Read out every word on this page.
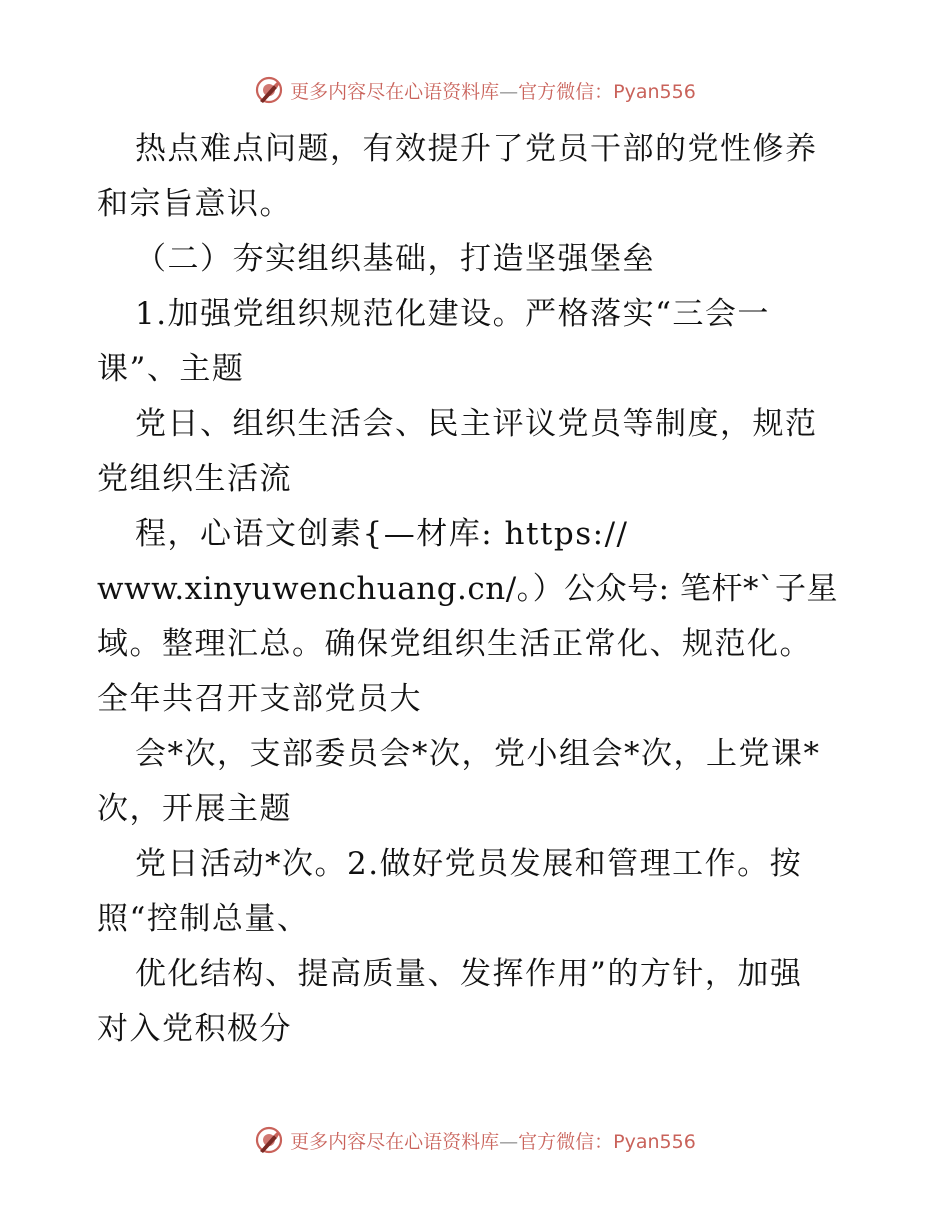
更多内容尽在心语资料库—官方微信：Pyan556
热点难点问题，有效提升了党员干部的党性修养
和宗旨意识。
（二）夯实组织基础，打造坚强堡垒
1.加强党组织规范化建设。严格落实“三会一
课”、主题
党日、组织生活会、民主评议党员等制度，规范
党组织生活流
程，心语文创素{—材库: https://
www.xinyuwenchuang.cn/。）公众号: 笔杆*`子星
域。整理汇总。确保党组织生活正常化、规范化。
全年共召开支部党员大
会*次，支部委员会*次，党小组会*次，上党课*
次，开展主题
党日活动*次。2.做好党员发展和管理工作。按
照“控制总量、
优化结构、提高质量、发挥作用”的方针，加强
对入党积极分
更多内容尽在心语资料库—官方微信：Pyan556
